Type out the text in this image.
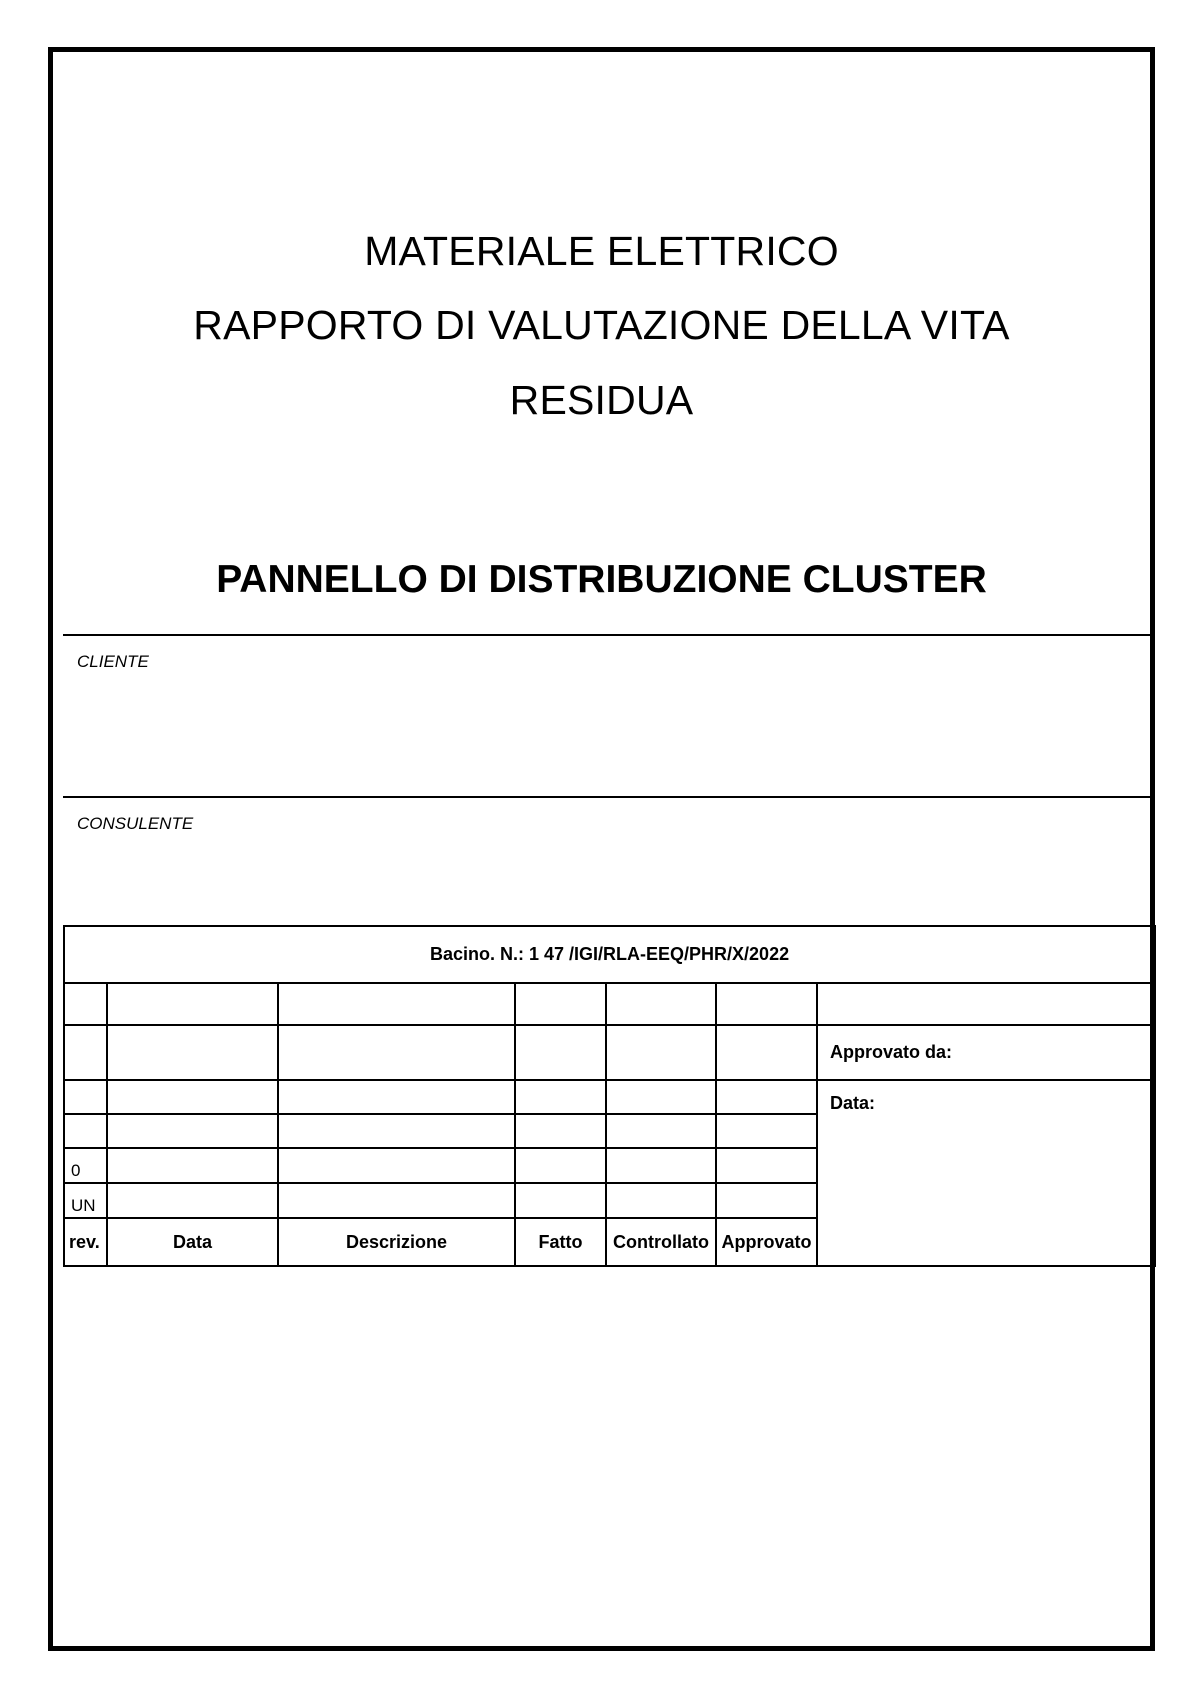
MATERIALE ELETTRICO
RAPPORTO DI VALUTAZIONE DELLA VITA
RESIDUA
PANNELLO DI DISTRIBUZIONE CLUSTER
CLIENTE
CONSULENTE
Bacino. N.: 1 47 /IGI/RLA-EEQ/PHR/X/2022						

						Approvato da:
						Data:

0						
UN						
rev.	Data	Descrizione	Fatto	Controllato	Approvato	
